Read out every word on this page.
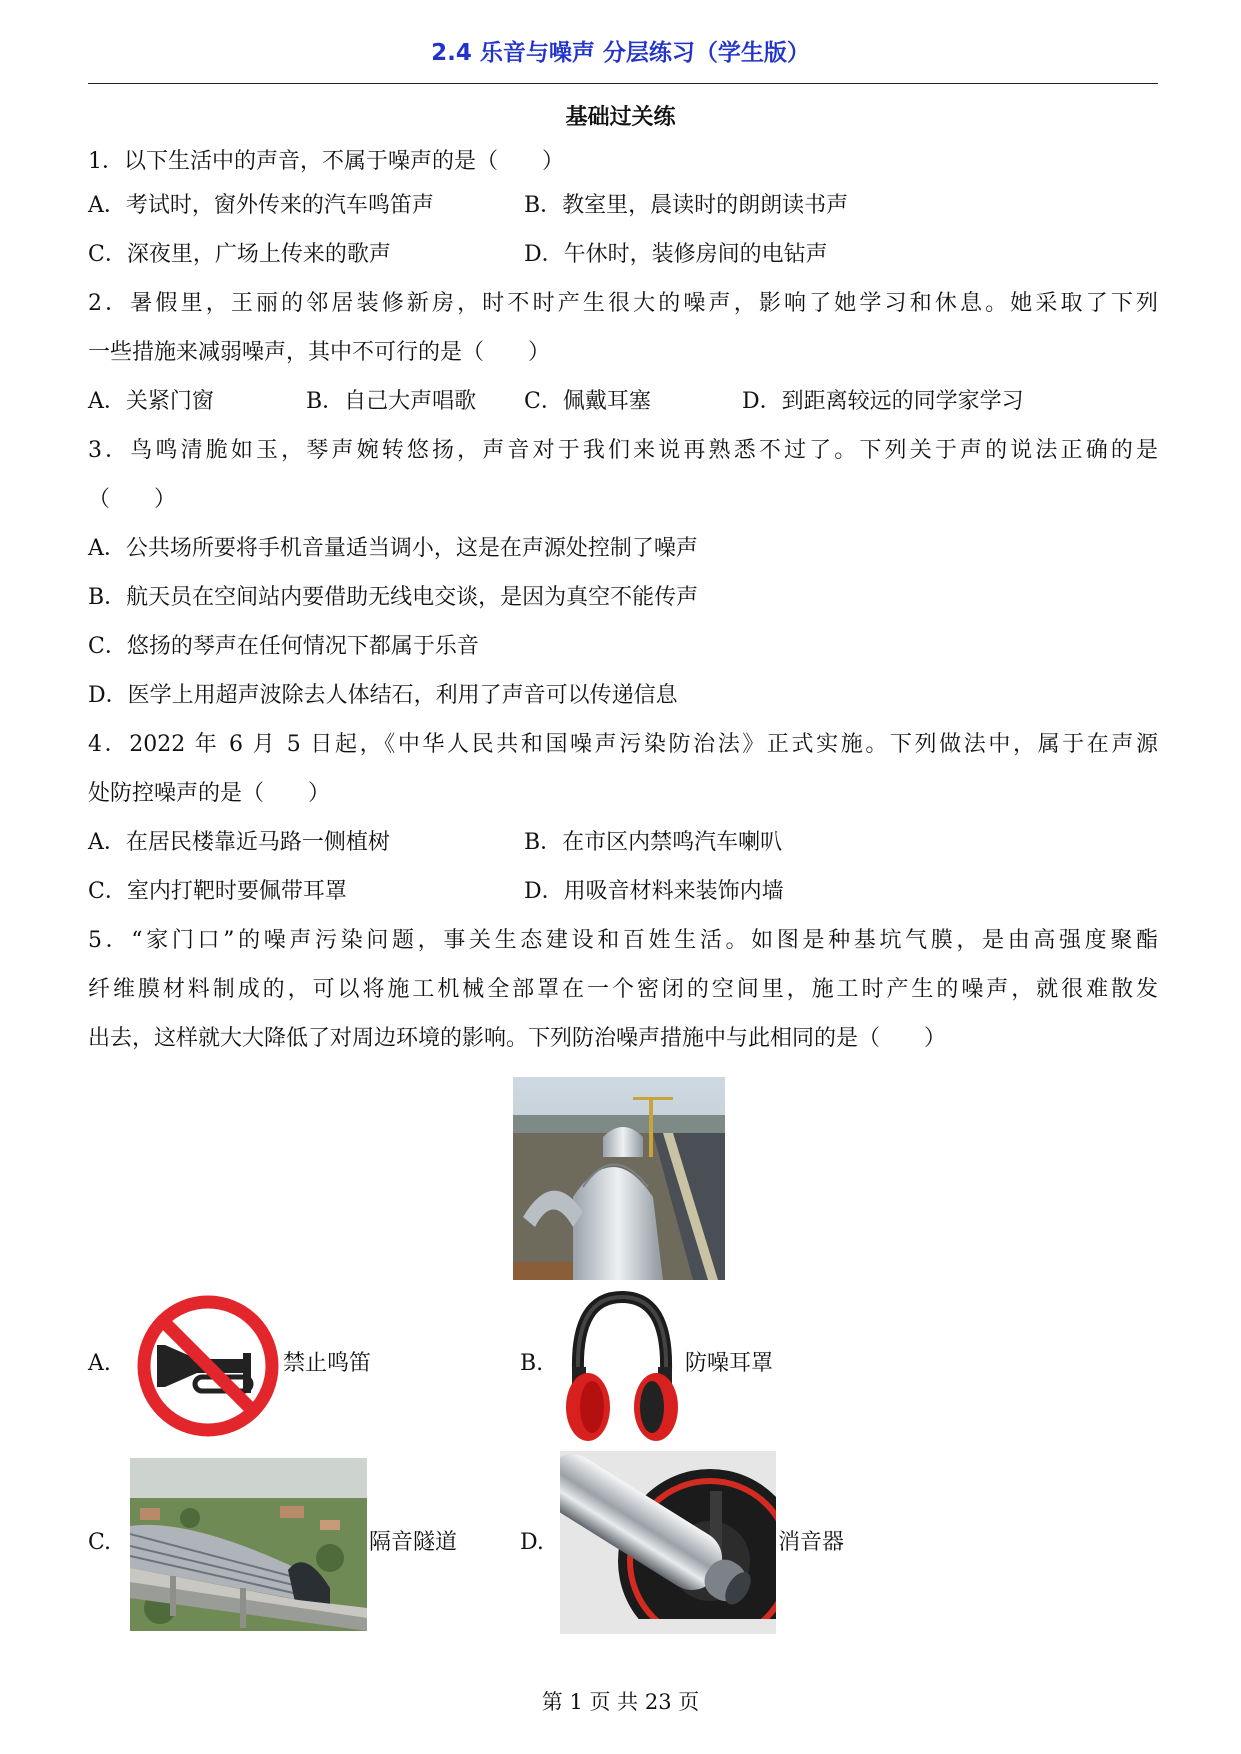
2.4 乐音与噪声 分层练习（学生版）
基础过关练
1．以下生活中的声音，不属于噪声的是（　　）
A．考试时，窗外传来的汽车鸣笛声	B．教室里，晨读时的朗朗读书声
C．深夜里，广场上传来的歌声	D．午休时，装修房间的电钻声
2．暑假里，王丽的邻居装修新房，时不时产生很大的噪声，影响了她学习和休息。她采取了下列
一些措施来减弱噪声，其中不可行的是（　　）
A．关紧门窗	B．自己大声唱歌 C．佩戴耳塞	D．到距离较远的同学家学习
3．鸟鸣清脆如玉，琴声婉转悠扬，声音对于我们来说再熟悉不过了。下列关于声的说法正确的是
（　　）
A．公共场所要将手机音量适当调小，这是在声源处控制了噪声
B．航天员在空间站内要借助无线电交谈，是因为真空不能传声
C．悠扬的琴声在任何情况下都属于乐音
D．医学上用超声波除去人体结石，利用了声音可以传递信息
4．2022 年 6 月 5 日起，《中华人民共和国噪声污染防治法》正式实施。下列做法中，属于在声源
处防控噪声的是（　　）
A．在居民楼靠近马路一侧植树	B．在市区内禁鸣汽车喇叭
C．室内打靶时要佩带耳罩	D．用吸音材料来装饰内墙
5．“家门口”的噪声污染问题，事关生态建设和百姓生活。如图是种基坑气膜，是由高强度聚酯
纤维膜材料制成的，可以将施工机械全部罩在一个密闭的空间里，施工时产生的噪声，就很难散发
出去，这样就大大降低了对周边环境的影响。下列防治噪声措施中与此相同的是（　　）
A.	禁止鸣笛	B.	防噪耳罩
C.	隔音隧道	D.	消音器
第 1 页 共 23 页
